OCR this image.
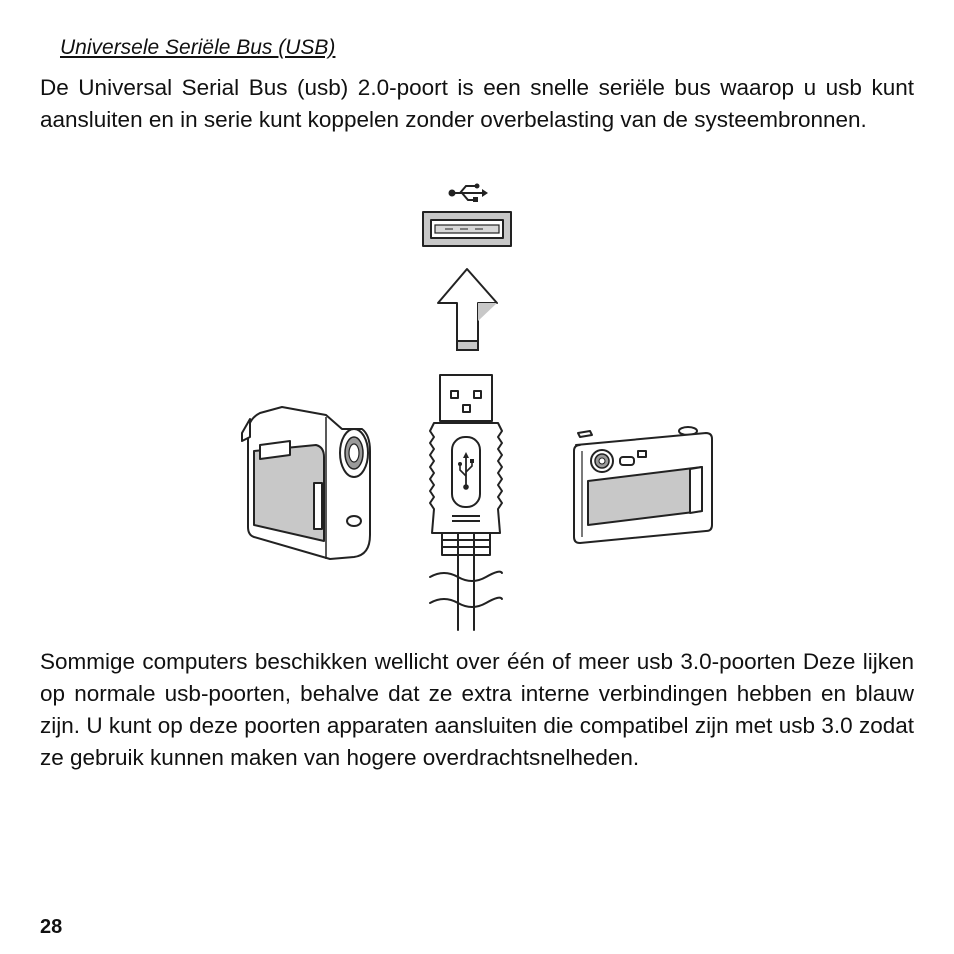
Universele Seriële Bus (USB)

De Universal Serial Bus (usb) 2.0-poort is een snelle seriële bus waarop u usb kunt aansluiten en in serie kunt koppelen zonder overbelasting van de systeembronnen.

Sommige computers beschikken wellicht over één of meer usb 3.0-poorten Deze lijken op normale usb-poorten, behalve dat ze extra interne verbindingen hebben en blauw zijn. U kunt op deze poorten apparaten aansluiten die compatibel zijn met usb 3.0 zodat ze gebruik kunnen maken van hogere overdrachtsnelheden.

28
